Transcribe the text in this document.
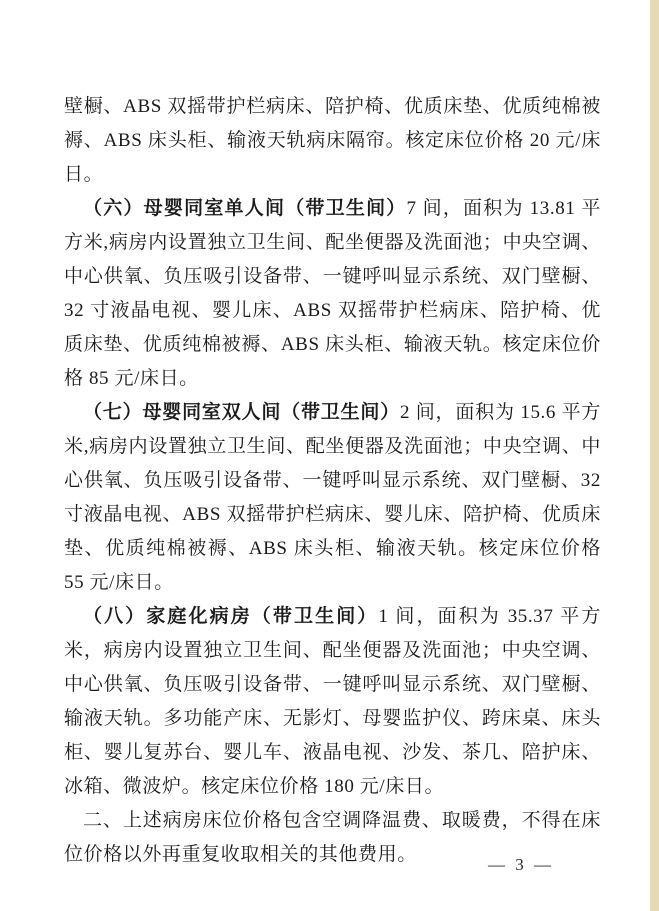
壁橱、ABS 双摇带护栏病床、陪护椅、优质床垫、优质纯棉被褥、ABS 床头柜、输液天轨病床隔帘。核定床位价格 20 元/床日。

（六）母婴同室单人间（带卫生间）7 间，面积为 13.81 平方米,病房内设置独立卫生间、配坐便器及洗面池；中央空调、中心供氧、负压吸引设备带、一键呼叫显示系统、双门壁橱、32 寸液晶电视、婴儿床、ABS 双摇带护栏病床、陪护椅、优质床垫、优质纯棉被褥、ABS 床头柜、输液天轨。核定床位价格 85 元/床日。

（七）母婴同室双人间（带卫生间）2 间，面积为 15.6 平方米,病房内设置独立卫生间、配坐便器及洗面池；中央空调、中心供氧、负压吸引设备带、一键呼叫显示系统、双门壁橱、32 寸液晶电视、ABS 双摇带护栏病床、婴儿床、陪护椅、优质床垫、优质纯棉被褥、ABS 床头柜、输液天轨。核定床位价格 55 元/床日。

（八）家庭化病房（带卫生间）1 间，面积为 35.37 平方米，病房内设置独立卫生间、配坐便器及洗面池；中央空调、中心供氧、负压吸引设备带、一键呼叫显示系统、双门壁橱、输液天轨。多功能产床、无影灯、母婴监护仪、跨床桌、床头柜、婴儿复苏台、婴儿车、液晶电视、沙发、茶几、陪护床、冰箱、微波炉。核定床位价格 180 元/床日。

二、上述病房床位价格包含空调降温费、取暖费，不得在床位价格以外再重复收取相关的其他费用。	— 3 —
